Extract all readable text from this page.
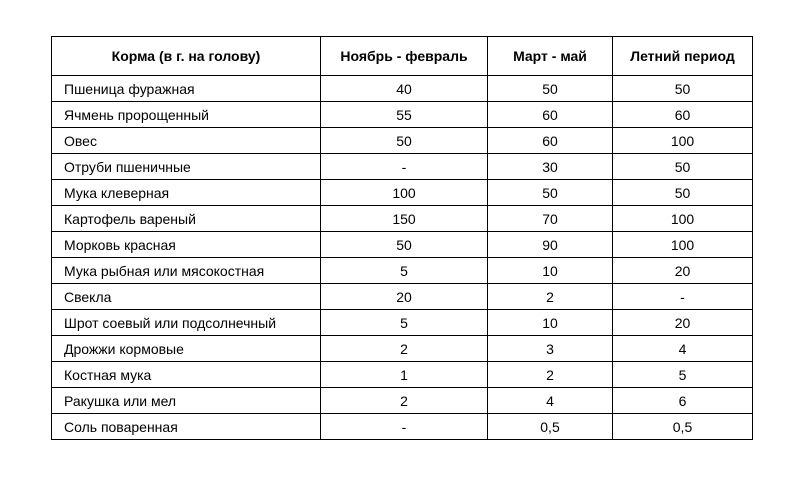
Корма (в г. на голову)	Ноябрь - февраль	Март - май	Летний период
Пшеница фуражная	40	50	50
Ячмень пророщенный	55	60	60
Овес	50	60	100
Отруби пшеничные	-	30	50
Мука клеверная	100	50	50
Картофель вареный	150	70	100
Морковь красная	50	90	100
Мука рыбная или мясокостная	5	10	20
Свекла	20	2	-
Шрот соевый или подсолнечный	5	10	20
Дрожжи кормовые	2	3	4
Костная мука	1	2	5
Ракушка или мел	2	4	6
Соль поваренная	-	0,5	0,5
